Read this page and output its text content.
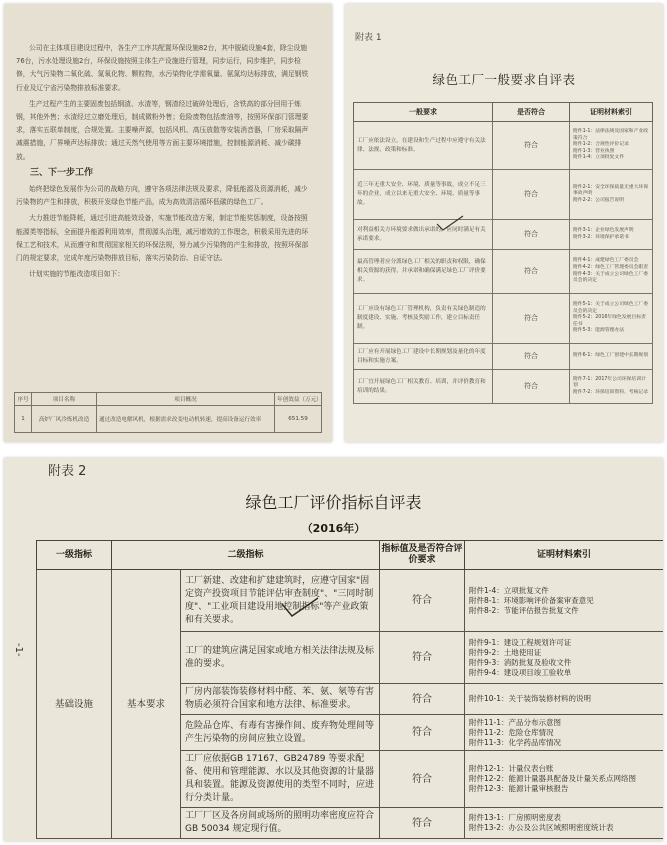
公司在主体项目建设过程中，各生产工序共配置环保设施82台，其中脱硫设施4套，除尘设施76台，污水处理设施2台，环保设施按照主体生产设施进行管理，同步运行，同步维护，同步检修，大气污染物二氧化硫、氮氧化物、颗粒物，水污染物化学需氧量、氨氮均达标排放，满足钢铁行业及辽宁省污染物排放标准要求。

生产过程产生的主要固废包括钢渣、水渣等，钢渣经过破碎处理后，含铁高的部分回用于炼钢，其他外售；水渣经过立磨处理后，制成微粉外售；危险废物包括废油等，按照环保部门管理要求，落实五联单制度，合规处置。主要噪声源，包括风机、高压放散等安装消音器，厂房采取隔声减震措施，厂界噪声达标排放；通过天然气使用等方面主要环境措施，控制能源消耗、减少碳排放。

三、下一步工作

始终把绿色发展作为公司的战略方向，遵守各项法律法规及要求，降低能源及资源消耗，减少污染物的产生和排放，积极开发绿色节能产品，成为高效清洁循环低碳的绿色工厂。

大力推进节能降耗，通过引进高能效设备，实施节能改造方案，制定节能奖惩制度，设备按照能源类等指标，全面提升能源利用效率，贯彻源头治理，减污增效的工作理念，积极采用先进的环保工艺和技术，从而遵守和贯彻国家相关的环保法规，努力减少污染物的产生和排放，按照环保部门的规定要求，完成年度污染物排放目标，落实污染防治、自证守法。

计划实施的节能改造项目如下：

序号	项目名称	项目概况	年创效益（万元）
1	高炉厂风冷炼机改造	通过改造电解风机，根据需求改变电动机转速，提高设备运行效率	651.59
附表 1
绿色工厂一般要求自评表
一般要求	是否符合	证明材料索引
工厂应依法设立，在建设和生产过程中应遵守有关法律、法规、政策和标准。	符合	附件1-1：法律法规及国家和产业政策符合
附件1-2：合规性评价记录
附件1-3：营业执照
附件1-4：立项批复文件
近三年无重大安全、环境、质量等事故，成立不足三年的企业，成立以来无重大安全、环境、质量等事故。	符合	附件2-1：安全环保质量无重大环保事故声明
附件2-2：公司报告说明
对利益相关方环境要求做出承诺的，应同时满足有关承诺要求。	符合	附件3-1：企业绿色发展声明
附件3-2：环境保护承诺书
最高管理者应分派绿色工厂相关的职责和权限，确保相关资源的获得，并承诺和确保满足绿色工厂评价要求。	符合	附件4-1：成建绿色工厂委员会
附件4-2：绿色工厂管理委员会职责
附件4-3：关于成立公司绿色工厂委员会的决定
工厂应设有绿色工厂管理机构，负责有关绿色制造的制度建设、实施、考核及奖励工作，建立目标责任制。	符合	附件5-1：关于成立公司绿色工厂委员会的决定
附件5-2：2016年绿色发展目标责任书
附件5-3：能源管理办法
工厂应有开展绿色工厂建设中长期规划及量化的年度目标和实施方案。	符合	附件6-1：绿色工厂创建中长期规划
工厂宜开展绿色工厂相关教育、培训，并评价教育和培训的结果。	符合	附件7-1：2017年公司环保培训计划
附件7-2：环保培训资料、考核记录
附表 2
绿色工厂评价指标自评表
（2016年）
-1-
一级指标	二级指标		指标值及是否符合评价要求	证明材料索引
基础设施	基本要求	工厂新建、改建和扩建建筑时，应遵守国家"固定资产投资项目节能评估审查制度"、"三同时制度"、"工业项目建设用地控制指标"等产业政策和有关要求。	符合	附件1-4：立项批复文件
附件8-1：环境影响评价备案审查意见
附件8-2：节能评估报告批复文件
		工厂的建筑应满足国家或地方相关法律法规及标准的要求。	符合	附件9-1：建设工程规划许可证
附件9-2：土地使用证
附件9-3：消防批复及验收文件
附件9-4：建设项目竣工验收单
		厂房内部装饰装修材料中醛、苯、氨、氡等有害物质必须符合国家和地方法律、标准要求。	符合	附件10-1：关于装饰装修材料的说明
		危险品仓库、有毒有害操作间、废弃物处理间等产生污染物的房间应独立设置。	符合	附件11-1：产品分布示意图
附件11-2：危险仓库情况
附件11-3：化学药品库情况
		工厂应依据GB 17167、GB24789 等要求配备、使用和管理能源、水以及其他资源的计量器具和装置。能源及资源使用的类型不同时，应进行分类计量。	符合	附件12-1：计量仪表台账
附件12-2：能源计量器具配备及计量关系点网络图
附件12-3：能源计量审核报告
		工厂厂区及各房间或场所的照明功率密度应符合GB 50034 规定现行值。	符合	附件13-1：厂房照明密度表
附件13-2：办公及公共区域照明密度统计表
